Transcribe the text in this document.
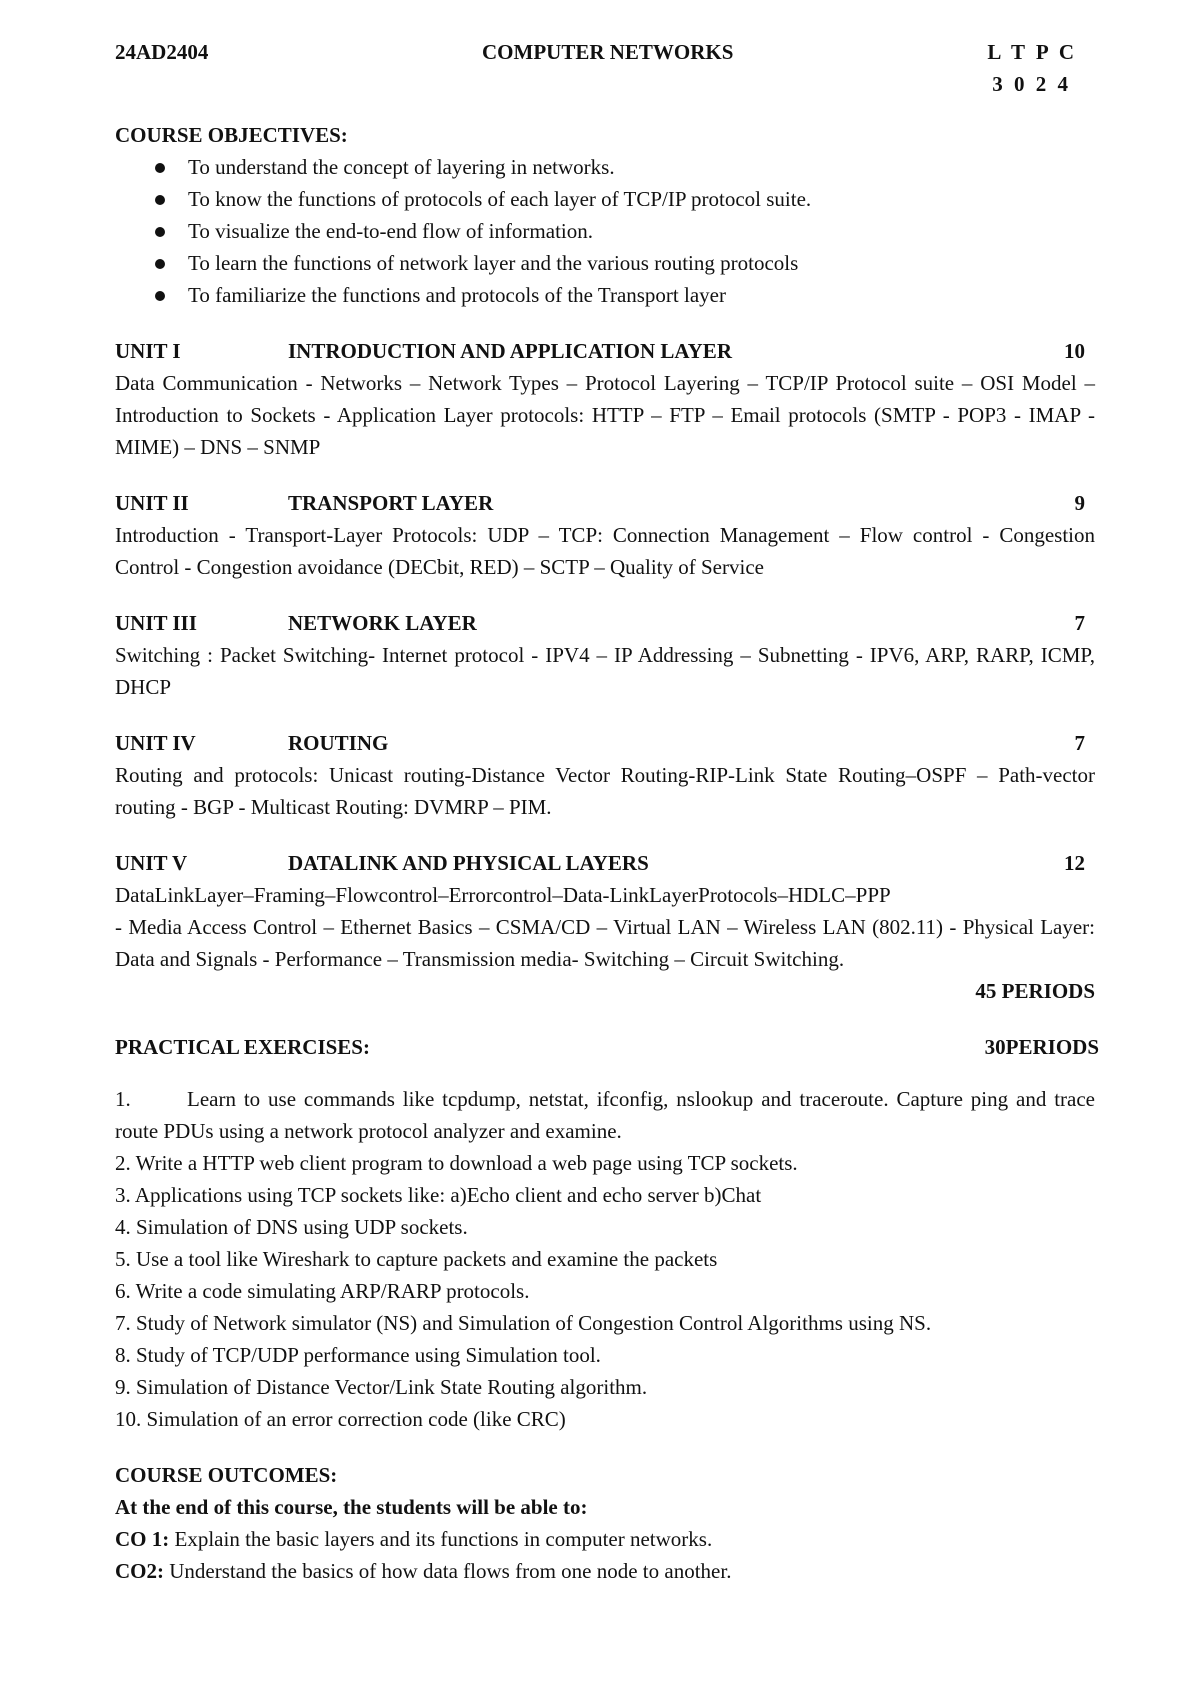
24AD2404	COMPUTER NETWORKS	L T P C
3 0 2 4
COURSE OBJECTIVES:
To understand the concept of layering in networks.
To know the functions of protocols of each layer of TCP/IP protocol suite.
To visualize the end-to-end flow of information.
To learn the functions of network layer and the various routing protocols
To familiarize the functions and protocols of the Transport layer
UNIT I	INTRODUCTION AND APPLICATION LAYER	10
Data Communication - Networks – Network Types – Protocol Layering – TCP/IP Protocol suite – OSI Model – Introduction to Sockets - Application Layer protocols: HTTP – FTP – Email protocols (SMTP - POP3 - IMAP - MIME) – DNS – SNMP
UNIT II	TRANSPORT LAYER	9
Introduction - Transport-Layer Protocols: UDP – TCP: Connection Management – Flow control - Congestion Control - Congestion avoidance (DECbit, RED) – SCTP – Quality of Service
UNIT III	NETWORK LAYER	7
Switching : Packet Switching- Internet protocol - IPV4 – IP Addressing – Subnetting - IPV6, ARP, RARP, ICMP, DHCP
UNIT IV	ROUTING	7
Routing and protocols: Unicast routing-Distance Vector Routing-RIP-Link State Routing–OSPF – Path-vector routing - BGP - Multicast Routing: DVMRP – PIM.
UNIT V	DATALINK AND PHYSICAL LAYERS	12
DataLinkLayer–Framing–Flowcontrol–Errorcontrol–Data-LinkLayerProtocols–HDLC–PPP
- Media Access Control – Ethernet Basics – CSMA/CD – Virtual LAN – Wireless LAN (802.11) - Physical Layer: Data and Signals - Performance – Transmission media- Switching – Circuit Switching.
45 PERIODS
PRACTICAL EXERCISES:	30PERIODS
1.	Learn to use commands like tcpdump, netstat, ifconfig, nslookup and traceroute. Capture ping and trace route PDUs using a network protocol analyzer and examine.
2. Write a HTTP web client program to download a web page using TCP sockets.
3. Applications using TCP sockets like: a)Echo client and echo server b)Chat
4. Simulation of DNS using UDP sockets.
5. Use a tool like Wireshark to capture packets and examine the packets
6. Write a code simulating ARP/RARP protocols.
7. Study of Network simulator (NS) and Simulation of Congestion Control Algorithms using NS.
8. Study of TCP/UDP performance using Simulation tool.
9. Simulation of Distance Vector/Link State Routing algorithm.
10. Simulation of an error correction code (like CRC)
COURSE OUTCOMES:
At the end of this course, the students will be able to:
CO 1: Explain the basic layers and its functions in computer networks.
CO2: Understand the basics of how data flows from one node to another.
